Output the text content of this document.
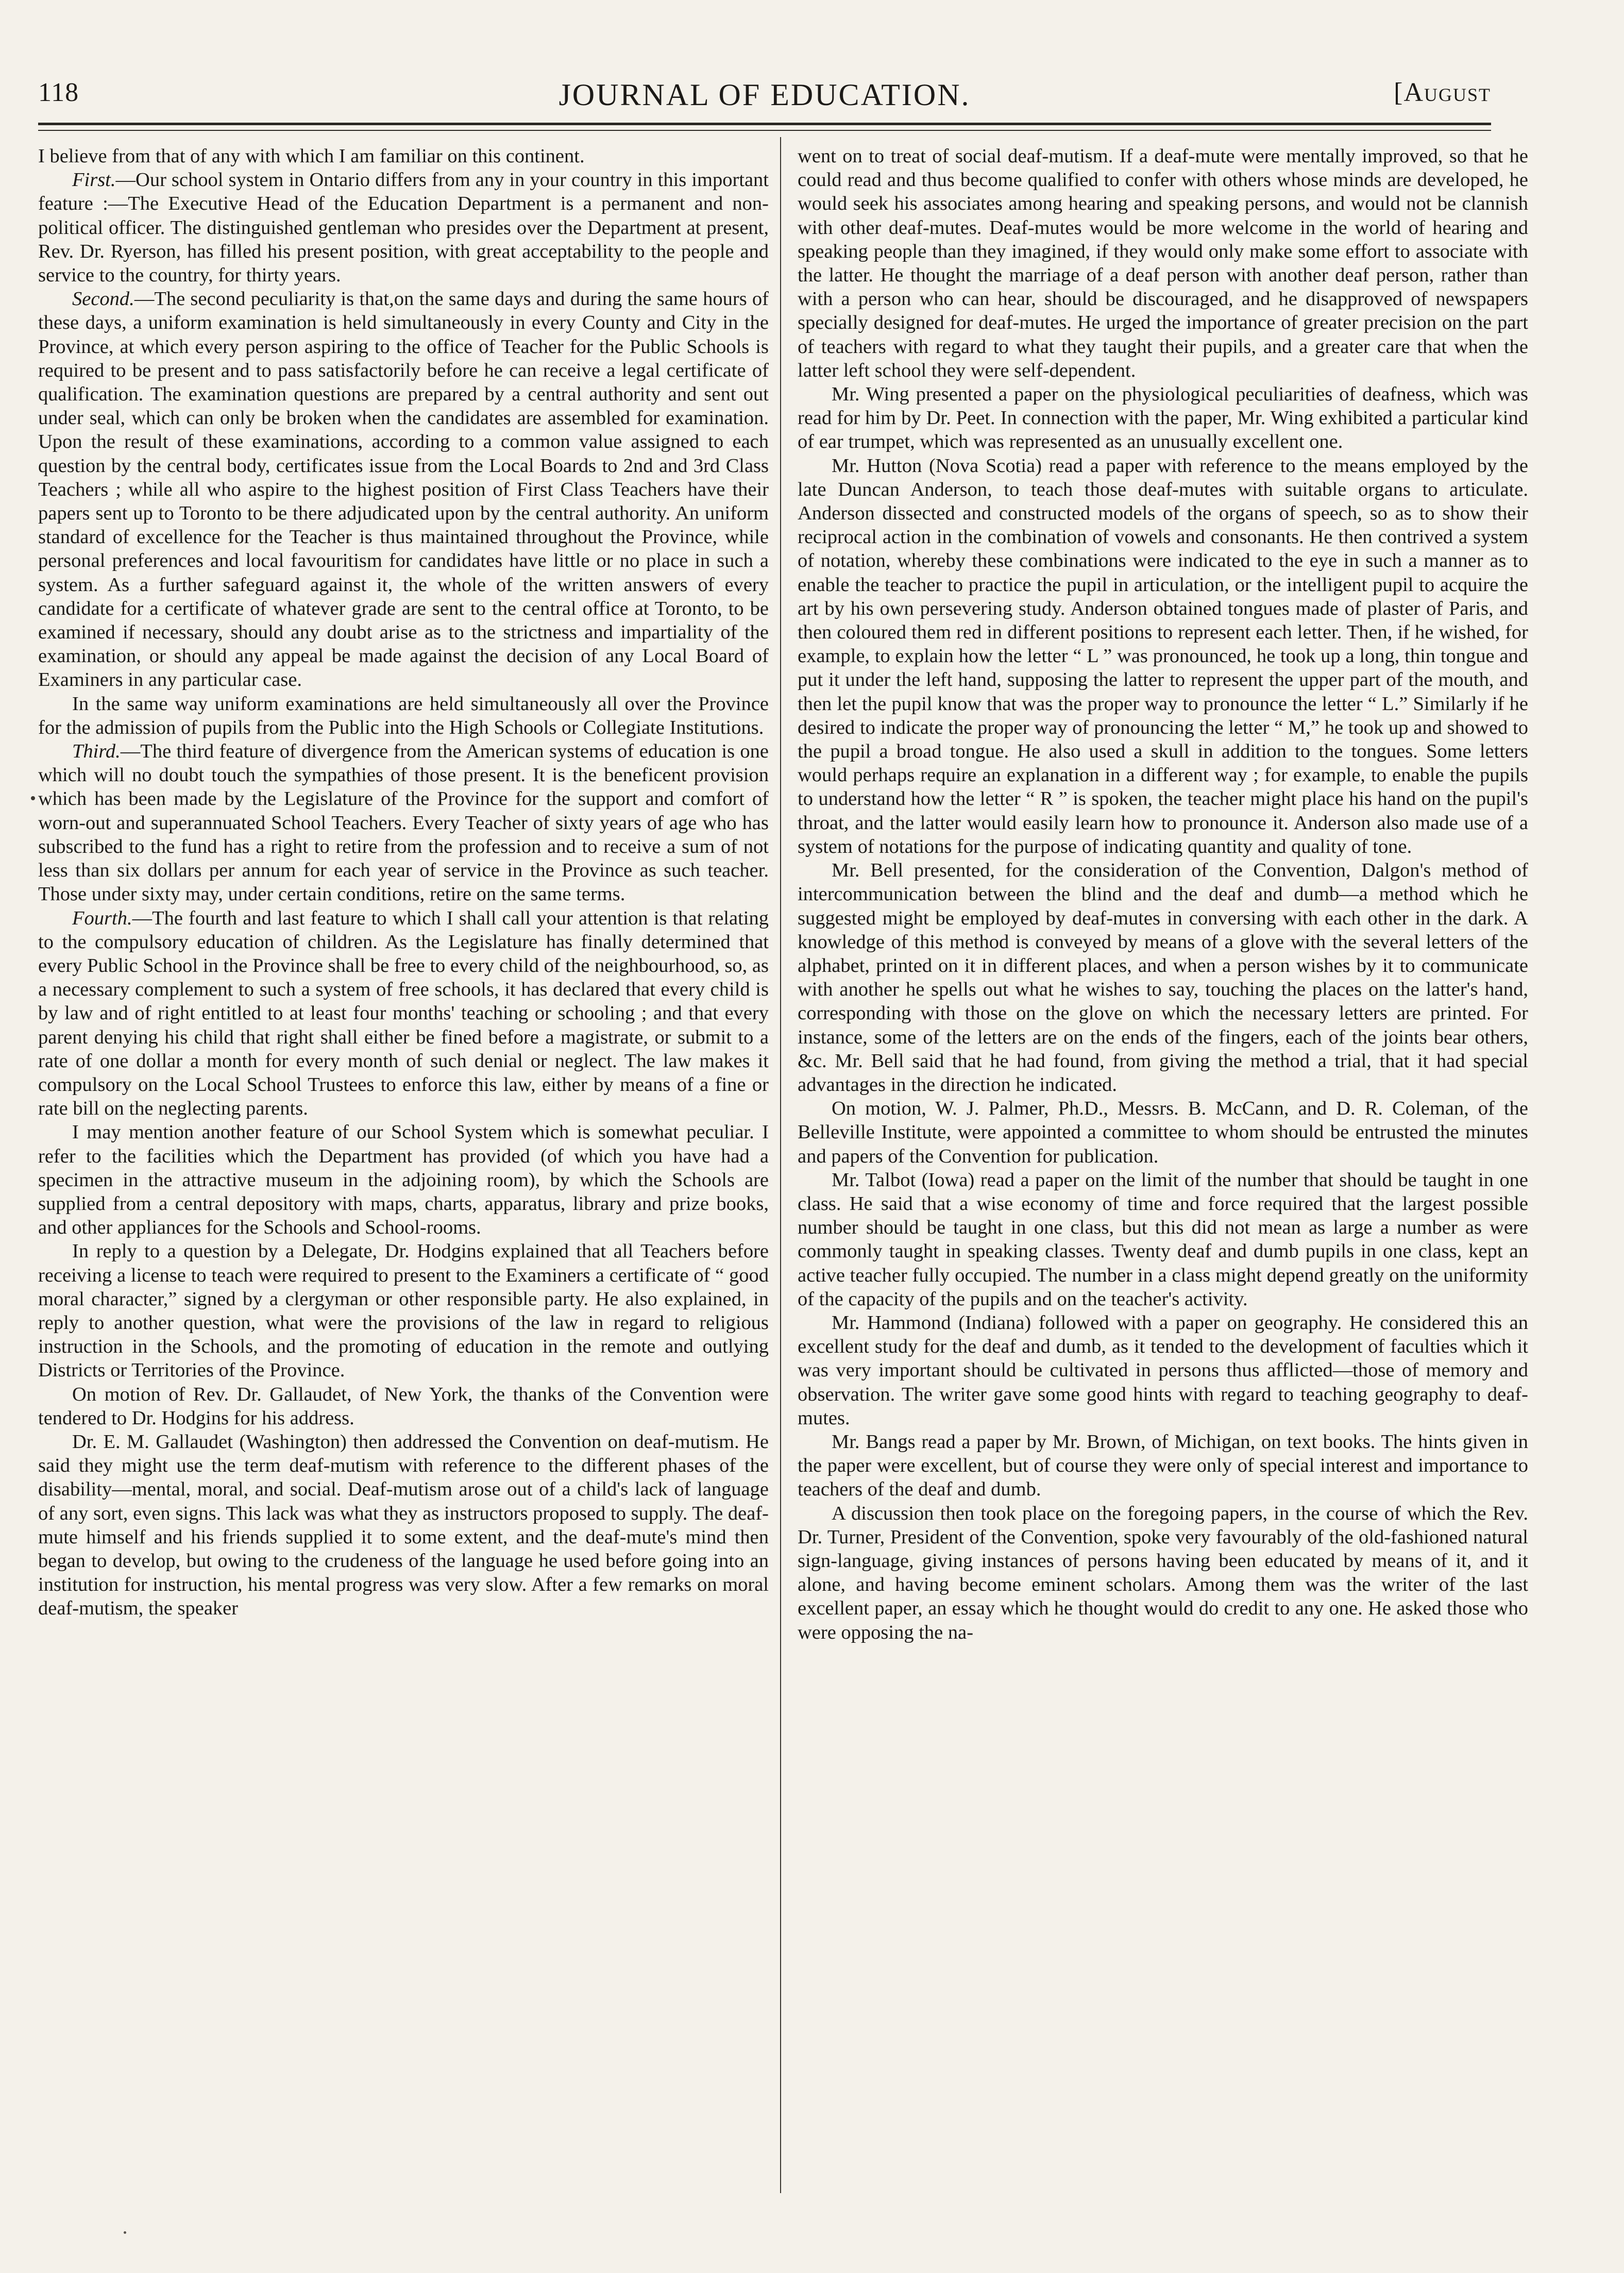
118	JOURNAL OF EDUCATION.	[August

I believe from that of any with which I am familiar on this continent.

First.—Our school system in Ontario differs from any in your country in this important feature :—The Executive Head of the Education Department is a permanent and non-political officer. The distinguished gentleman who presides over the Department at present, Rev. Dr. Ryerson, has filled his present position, with great acceptability to the people and service to the country, for thirty years.

Second.—The second peculiarity is that,on the same days and during the same hours of these days, a uniform examination is held simultaneously in every County and City in the Province, at which every person aspiring to the office of Teacher for the Public Schools is required to be present and to pass satisfactorily before he can receive a legal certificate of qualification. The examination questions are prepared by a central authority and sent out under seal, which can only be broken when the candidates are assembled for examination. Upon the result of these examinations, according to a common value assigned to each question by the central body, certificates issue from the Local Boards to 2nd and 3rd Class Teachers ; while all who aspire to the highest position of First Class Teachers have their papers sent up to Toronto to be there adjudicated upon by the central authority. An uniform standard of excellence for the Teacher is thus maintained throughout the Province, while personal preferences and local favouritism for candidates have little or no place in such a system. As a further safeguard against it, the whole of the written answers of every candidate for a certificate of whatever grade are sent to the central office at Toronto, to be examined if necessary, should any doubt arise as to the strictness and impartiality of the examination, or should any appeal be made against the decision of any Local Board of Examiners in any particular case.

In the same way uniform examinations are held simultaneously all over the Province for the admission of pupils from the Public into the High Schools or Collegiate Institutions.

Third.—The third feature of divergence from the American systems of education is one which will no doubt touch the sympathies of those present. It is the beneficent provision which has been made by the Legislature of the Province for the support and comfort of worn-out and superannuated School Teachers. Every Teacher of sixty years of age who has subscribed to the fund has a right to retire from the profession and to receive a sum of not less than six dollars per annum for each year of service in the Province as such teacher. Those under sixty may, under certain conditions, retire on the same terms.

Fourth.—The fourth and last feature to which I shall call your attention is that relating to the compulsory education of children. As the Legislature has finally determined that every Public School in the Province shall be free to every child of the neighbourhood, so, as a necessary complement to such a system of free schools, it has declared that every child is by law and of right entitled to at least four months' teaching or schooling ; and that every parent denying his child that right shall either be fined before a magistrate, or submit to a rate of one dollar a month for every month of such denial or neglect. The law makes it compulsory on the Local School Trustees to enforce this law, either by means of a fine or rate bill on the neglecting parents.

I may mention another feature of our School System which is somewhat peculiar. I refer to the facilities which the Department has provided (of which you have had a specimen in the attractive museum in the adjoining room), by which the Schools are supplied from a central depository with maps, charts, apparatus, library and prize books, and other appliances for the Schools and School-rooms.

In reply to a question by a Delegate, Dr. Hodgins explained that all Teachers before receiving a license to teach were required to present to the Examiners a certificate of “ good moral character,” signed by a clergyman or other responsible party. He also explained, in reply to another question, what were the provisions of the law in regard to religious instruction in the Schools, and the promoting of education in the remote and outlying Districts or Territories of the Province.

On motion of Rev. Dr. Gallaudet, of New York, the thanks of the Convention were tendered to Dr. Hodgins for his address.

Dr. E. M. Gallaudet (Washington) then addressed the Convention on deaf-mutism. He said they might use the term deaf-mutism with reference to the different phases of the disability—mental, moral, and social. Deaf-mutism arose out of a child's lack of language of any sort, even signs. This lack was what they as instructors proposed to supply. The deaf-mute himself and his friends supplied it to some extent, and the deaf-mute's mind then began to develop, but owing to the crudeness of the language he used before going into an institution for instruction, his mental progress was very slow. After a few remarks on moral deaf-mutism, the speaker

went on to treat of social deaf-mutism. If a deaf-mute were mentally improved, so that he could read and thus become qualified to confer with others whose minds are developed, he would seek his associates among hearing and speaking persons, and would not be clannish with other deaf-mutes. Deaf-mutes would be more welcome in the world of hearing and speaking people than they imagined, if they would only make some effort to associate with the latter. He thought the marriage of a deaf person with another deaf person, rather than with a person who can hear, should be discouraged, and he disapproved of newspapers specially designed for deaf-mutes. He urged the importance of greater precision on the part of teachers with regard to what they taught their pupils, and a greater care that when the latter left school they were self-dependent.

Mr. Wing presented a paper on the physiological peculiarities of deafness, which was read for him by Dr. Peet. In connection with the paper, Mr. Wing exhibited a particular kind of ear trumpet, which was represented as an unusually excellent one.

Mr. Hutton (Nova Scotia) read a paper with reference to the means employed by the late Duncan Anderson, to teach those deaf-mutes with suitable organs to articulate. Anderson dissected and constructed models of the organs of speech, so as to show their reciprocal action in the combination of vowels and consonants. He then contrived a system of notation, whereby these combinations were indicated to the eye in such a manner as to enable the teacher to practice the pupil in articulation, or the intelligent pupil to acquire the art by his own persevering study. Anderson obtained tongues made of plaster of Paris, and then coloured them red in different positions to represent each letter. Then, if he wished, for example, to explain how the letter “ L ” was pronounced, he took up a long, thin tongue and put it under the left hand, supposing the latter to represent the upper part of the mouth, and then let the pupil know that was the proper way to pronounce the letter “ L.” Similarly if he desired to indicate the proper way of pronouncing the letter “ M,” he took up and showed to the pupil a broad tongue. He also used a skull in addition to the tongues. Some letters would perhaps require an explanation in a different way ; for example, to enable the pupils to understand how the letter “ R ” is spoken, the teacher might place his hand on the pupil's throat, and the latter would easily learn how to pronounce it. Anderson also made use of a system of notations for the purpose of indicating quantity and quality of tone.

Mr. Bell presented, for the consideration of the Convention, Dalgon's method of intercommunication between the blind and the deaf and dumb—a method which he suggested might be employed by deaf-mutes in conversing with each other in the dark. A knowledge of this method is conveyed by means of a glove with the several letters of the alphabet, printed on it in different places, and when a person wishes by it to communicate with another he spells out what he wishes to say, touching the places on the latter's hand, corresponding with those on the glove on which the necessary letters are printed. For instance, some of the letters are on the ends of the fingers, each of the joints bear others, &c. Mr. Bell said that he had found, from giving the method a trial, that it had special advantages in the direction he indicated.

On motion, W. J. Palmer, Ph.D., Messrs. B. McCann, and D. R. Coleman, of the Belleville Institute, were appointed a committee to whom should be entrusted the minutes and papers of the Convention for publication.

Mr. Talbot (Iowa) read a paper on the limit of the number that should be taught in one class. He said that a wise economy of time and force required that the largest possible number should be taught in one class, but this did not mean as large a number as were commonly taught in speaking classes. Twenty deaf and dumb pupils in one class, kept an active teacher fully occupied. The number in a class might depend greatly on the uniformity of the capacity of the pupils and on the teacher's activity.

Mr. Hammond (Indiana) followed with a paper on geography. He considered this an excellent study for the deaf and dumb, as it tended to the development of faculties which it was very important should be cultivated in persons thus afflicted—those of memory and observation. The writer gave some good hints with regard to teaching geography to deaf-mutes.

Mr. Bangs read a paper by Mr. Brown, of Michigan, on text books. The hints given in the paper were excellent, but of course they were only of special interest and importance to teachers of the deaf and dumb.

A discussion then took place on the foregoing papers, in the course of which the Rev. Dr. Turner, President of the Convention, spoke very favourably of the old-fashioned natural sign-language, giving instances of persons having been educated by means of it, and it alone, and having become eminent scholars. Among them was the writer of the last excellent paper, an essay which he thought would do credit to any one. He asked those who were opposing the na-
